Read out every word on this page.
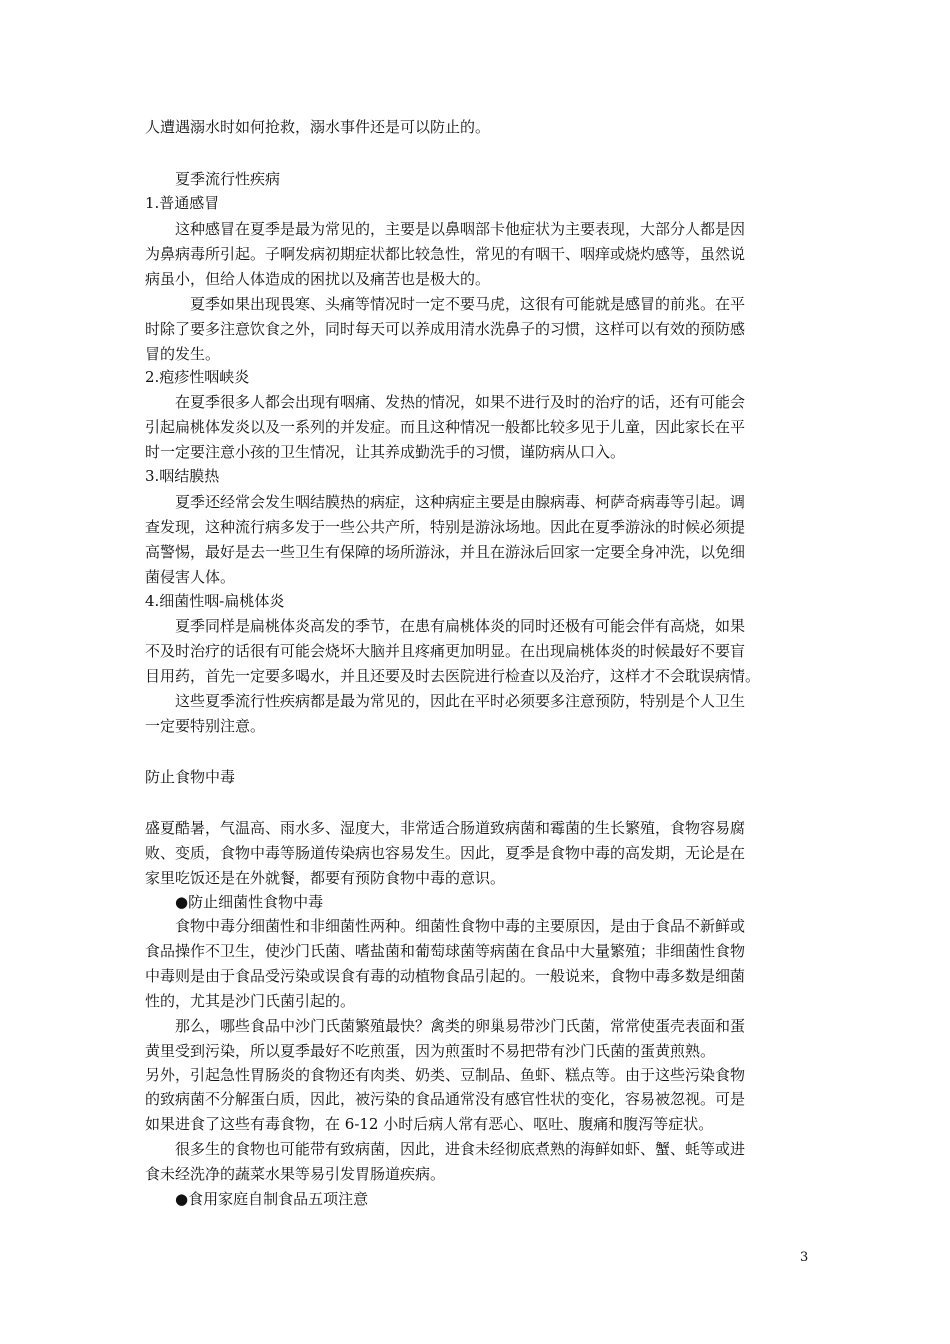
人遭遇溺水时如何抢救，溺水事件还是可以防止的。
　　夏季流行性疾病
1.普通感冒
　　这种感冒在夏季是最为常见的，主要是以鼻咽部卡他症状为主要表现，大部分人都是因
为鼻病毒所引起。子啊发病初期症状都比较急性，常见的有咽干、咽痒或烧灼感等，虽然说
病虽小，但给人体造成的困扰以及痛苦也是极大的。
　　　夏季如果出现畏寒、头痛等情况时一定不要马虎，这很有可能就是感冒的前兆。在平
时除了要多注意饮食之外，同时每天可以养成用清水洗鼻子的习惯，这样可以有效的预防感
冒的发生。
2.疱疹性咽峡炎
　　在夏季很多人都会出现有咽痛、发热的情况，如果不进行及时的治疗的话，还有可能会
引起扁桃体发炎以及一系列的并发症。而且这种情况一般都比较多见于儿童，因此家长在平
时一定要注意小孩的卫生情况，让其养成勤洗手的习惯，谨防病从口入。
3.咽结膜热
　　夏季还经常会发生咽结膜热的病症，这种病症主要是由腺病毒、柯萨奇病毒等引起。调
查发现，这种流行病多发于一些公共产所，特别是游泳场地。因此在夏季游泳的时候必须提
高警惕，最好是去一些卫生有保障的场所游泳，并且在游泳后回家一定要全身冲洗，以免细
菌侵害人体。
4.细菌性咽-扁桃体炎
　　夏季同样是扁桃体炎高发的季节，在患有扁桃体炎的同时还极有可能会伴有高烧，如果
不及时治疗的话很有可能会烧坏大脑并且疼痛更加明显。在出现扁桃体炎的时候最好不要盲
目用药，首先一定要多喝水，并且还要及时去医院进行检查以及治疗，这样才不会耽误病情。
　　这些夏季流行性疾病都是最为常见的，因此在平时必须要多注意预防，特别是个人卫生
一定要特别注意。
防止食物中毒
盛夏酷暑，气温高、雨水多、湿度大，非常适合肠道致病菌和霉菌的生长繁殖，食物容易腐
败、变质，食物中毒等肠道传染病也容易发生。因此，夏季是食物中毒的高发期，无论是在
家里吃饭还是在外就餐，都要有预防食物中毒的意识。
　　●防止细菌性食物中毒
　　食物中毒分细菌性和非细菌性两种。细菌性食物中毒的主要原因，是由于食品不新鲜或
食品操作不卫生，使沙门氏菌、嗜盐菌和葡萄球菌等病菌在食品中大量繁殖；非细菌性食物
中毒则是由于食品受污染或误食有毒的动植物食品引起的。一般说来，食物中毒多数是细菌
性的，尤其是沙门氏菌引起的。
　　那么，哪些食品中沙门氏菌繁殖最快？禽类的卵巢易带沙门氏菌，常常使蛋壳表面和蛋
黄里受到污染，所以夏季最好不吃煎蛋，因为煎蛋时不易把带有沙门氏菌的蛋黄煎熟。
另外，引起急性胃肠炎的食物还有肉类、奶类、豆制品、鱼虾、糕点等。由于这些污染食物
的致病菌不分解蛋白质，因此，被污染的食品通常没有感官性状的变化，容易被忽视。可是
如果进食了这些有毒食物，在 6-12 小时后病人常有恶心、呕吐、腹痛和腹泻等症状。
　　很多生的食物也可能带有致病菌，因此，进食未经彻底煮熟的海鲜如虾、蟹、蚝等或进
食未经洗净的蔬菜水果等易引发胃肠道疾病。
　　●食用家庭自制食品五项注意
3
